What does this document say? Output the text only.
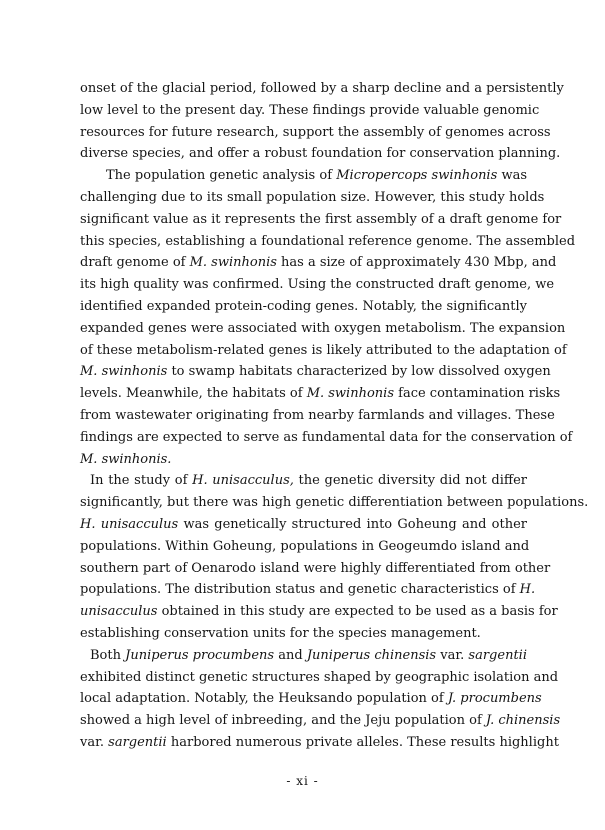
onset of the glacial period, followed by a sharp decline and a persistently
low level to the present day. These findings provide valuable genomic
resources for future research, support the assembly of genomes across
diverse species, and offer a robust foundation for conservation planning.
The population genetic analysis of Micropercops swinhonis was
challenging due to its small population size. However, this study holds
significant value as it represents the first assembly of a draft genome for
this species, establishing a foundational reference genome. The assembled
draft genome of M. swinhonis has a size of approximately 430 Mbp, and
its high quality was confirmed. Using the constructed draft genome, we
identified expanded protein-coding genes. Notably, the significantly
expanded genes were associated with oxygen metabolism. The expansion
of these metabolism-related genes is likely attributed to the adaptation of
M. swinhonis to swamp habitats characterized by low dissolved oxygen
levels. Meanwhile, the habitats of M. swinhonis face contamination risks
from wastewater originating from nearby farmlands and villages. These
findings are expected to serve as fundamental data for the conservation of
M. swinhonis.
In the study of H. unisacculus, the genetic diversity did not differ
significantly, but there was high genetic differentiation between populations.
H. unisacculus was genetically structured into Goheung and other
populations. Within Goheung, populations in Geogeumdo island and
southern part of Oenarodo island were highly differentiated from other
populations. The distribution status and genetic characteristics of H.
unisacculus obtained in this study are expected to be used as a basis for
establishing conservation units for the species management.
Both Juniperus procumbens and Juniperus chinensis var. sargentii
exhibited distinct genetic structures shaped by geographic isolation and
local adaptation. Notably, the Heuksando population of J. procumbens
showed a high level of inbreeding, and the Jeju population of J. chinensis
var. sargentii harbored numerous private alleles. These results highlight
- xi -
